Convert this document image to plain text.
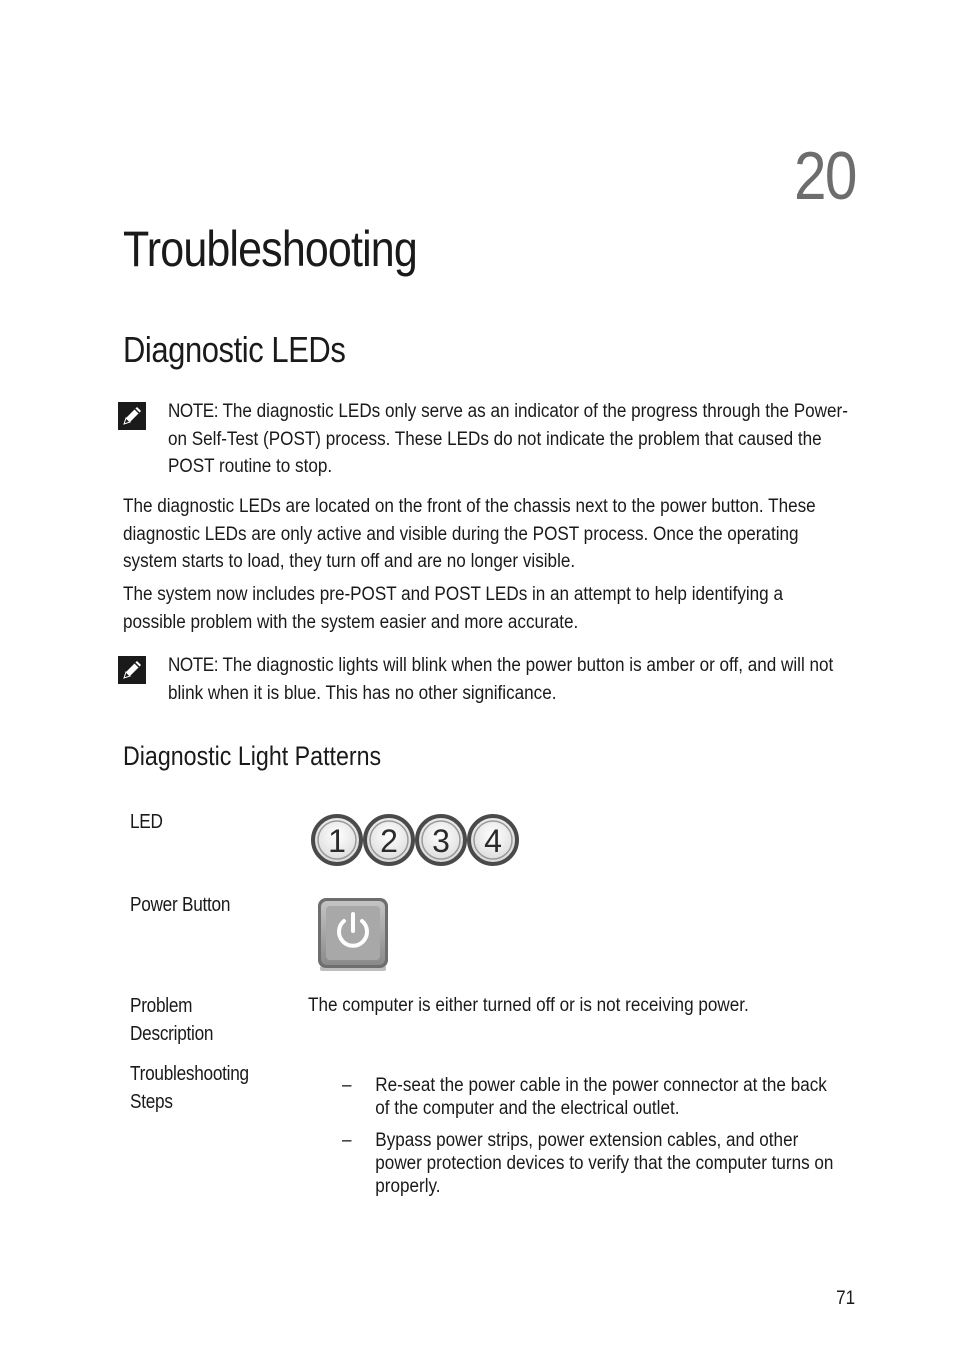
20
Troubleshooting
Diagnostic LEDs
NOTE: The diagnostic LEDs only serve as an indicator of the progress through the Power-on Self-Test (POST) process. These LEDs do not indicate the problem that caused the POST routine to stop.

The diagnostic LEDs are located on the front of the chassis next to the power button. These diagnostic LEDs are only active and visible during the POST process. Once the operating system starts to load, they turn off and are no longer visible.

The system now includes pre-POST and POST LEDs in an attempt to help identifying a possible problem with the system easier and more accurate.

NOTE: The diagnostic lights will blink when the power button is amber or off, and will not blink when it is blue. This has no other significance.
Diagnostic Light Patterns
LED
1 2 3 4
Power Button
Problem Description
The computer is either turned off or is not receiving power.
Troubleshooting Steps
– Re-seat the power cable in the power connector at the back of the computer and the electrical outlet.
– Bypass power strips, power extension cables, and other power protection devices to verify that the computer turns on properly.
71
